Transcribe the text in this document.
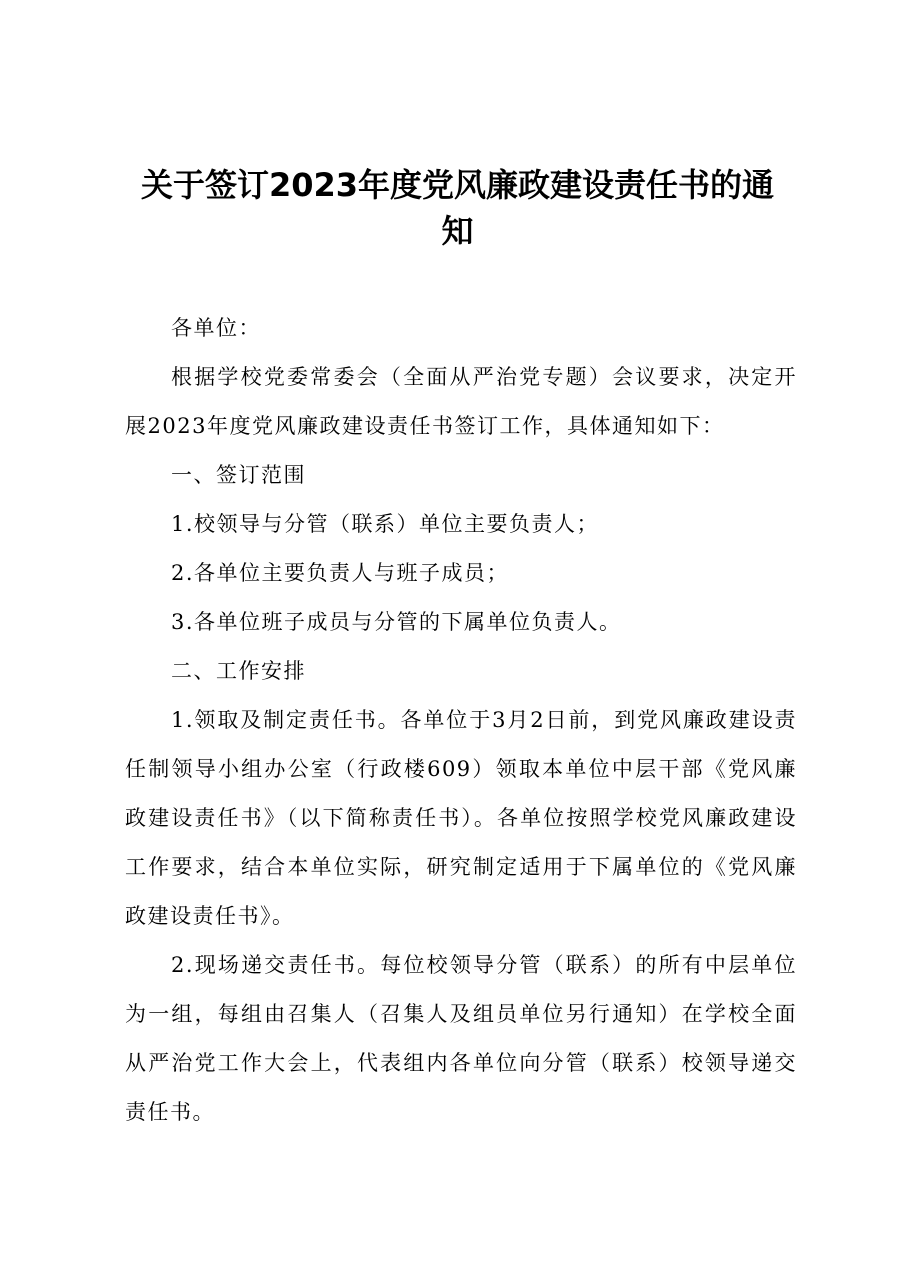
关于签订2023年度党风廉政建设责任书的通知

各单位：

根据学校党委常委会（全面从严治党专题）会议要求，决定开展2023年度党风廉政建设责任书签订工作，具体通知如下：

一、签订范围

1.校领导与分管（联系）单位主要负责人；

2.各单位主要负责人与班子成员；

3.各单位班子成员与分管的下属单位负责人。

二、工作安排

1.领取及制定责任书。各单位于3月2日前，到党风廉政建设责任制领导小组办公室（行政楼609）领取本单位中层干部《党风廉政建设责任书》（以下简称责任书）。各单位按照学校党风廉政建设工作要求，结合本单位实际，研究制定适用于下属单位的《党风廉政建设责任书》。

2.现场递交责任书。每位校领导分管（联系）的所有中层单位为一组，每组由召集人（召集人及组员单位另行通知）在学校全面从严治党工作大会上，代表组内各单位向分管（联系）校领导递交责任书。
